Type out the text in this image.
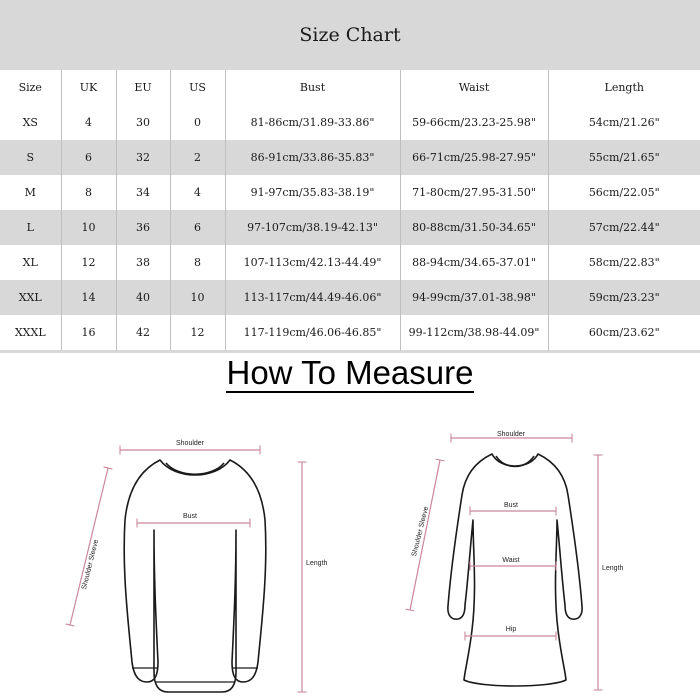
Size Chart
Size	UK	EU	US	Bust	Waist	Length
XS	4	30	0	81-86cm/31.89-33.86"	59-66cm/23.23-25.98"	54cm/21.26"
S	6	32	2	86-91cm/33.86-35.83"	66-71cm/25.98-27.95"	55cm/21.65"
M	8	34	4	91-97cm/35.83-38.19"	71-80cm/27.95-31.50"	56cm/22.05"
L	10	36	6	97-107cm/38.19-42.13"	80-88cm/31.50-34.65"	57cm/22.44"
XL	12	38	8	107-113cm/42.13-44.49"	88-94cm/34.65-37.01"	58cm/22.83"
XXL	14	40	10	113-117cm/44.49-46.06"	94-99cm/37.01-38.98"	59cm/23.23"
XXXL	16	42	12	117-119cm/46.06-46.85"	99-112cm/38.98-44.09"	60cm/23.62"
How To Measure
Shoulder
Bust
Shoulder Sleeve	Length
Shoulder
Bust
Waist
Hip
Shoulder Sleeve
Length
